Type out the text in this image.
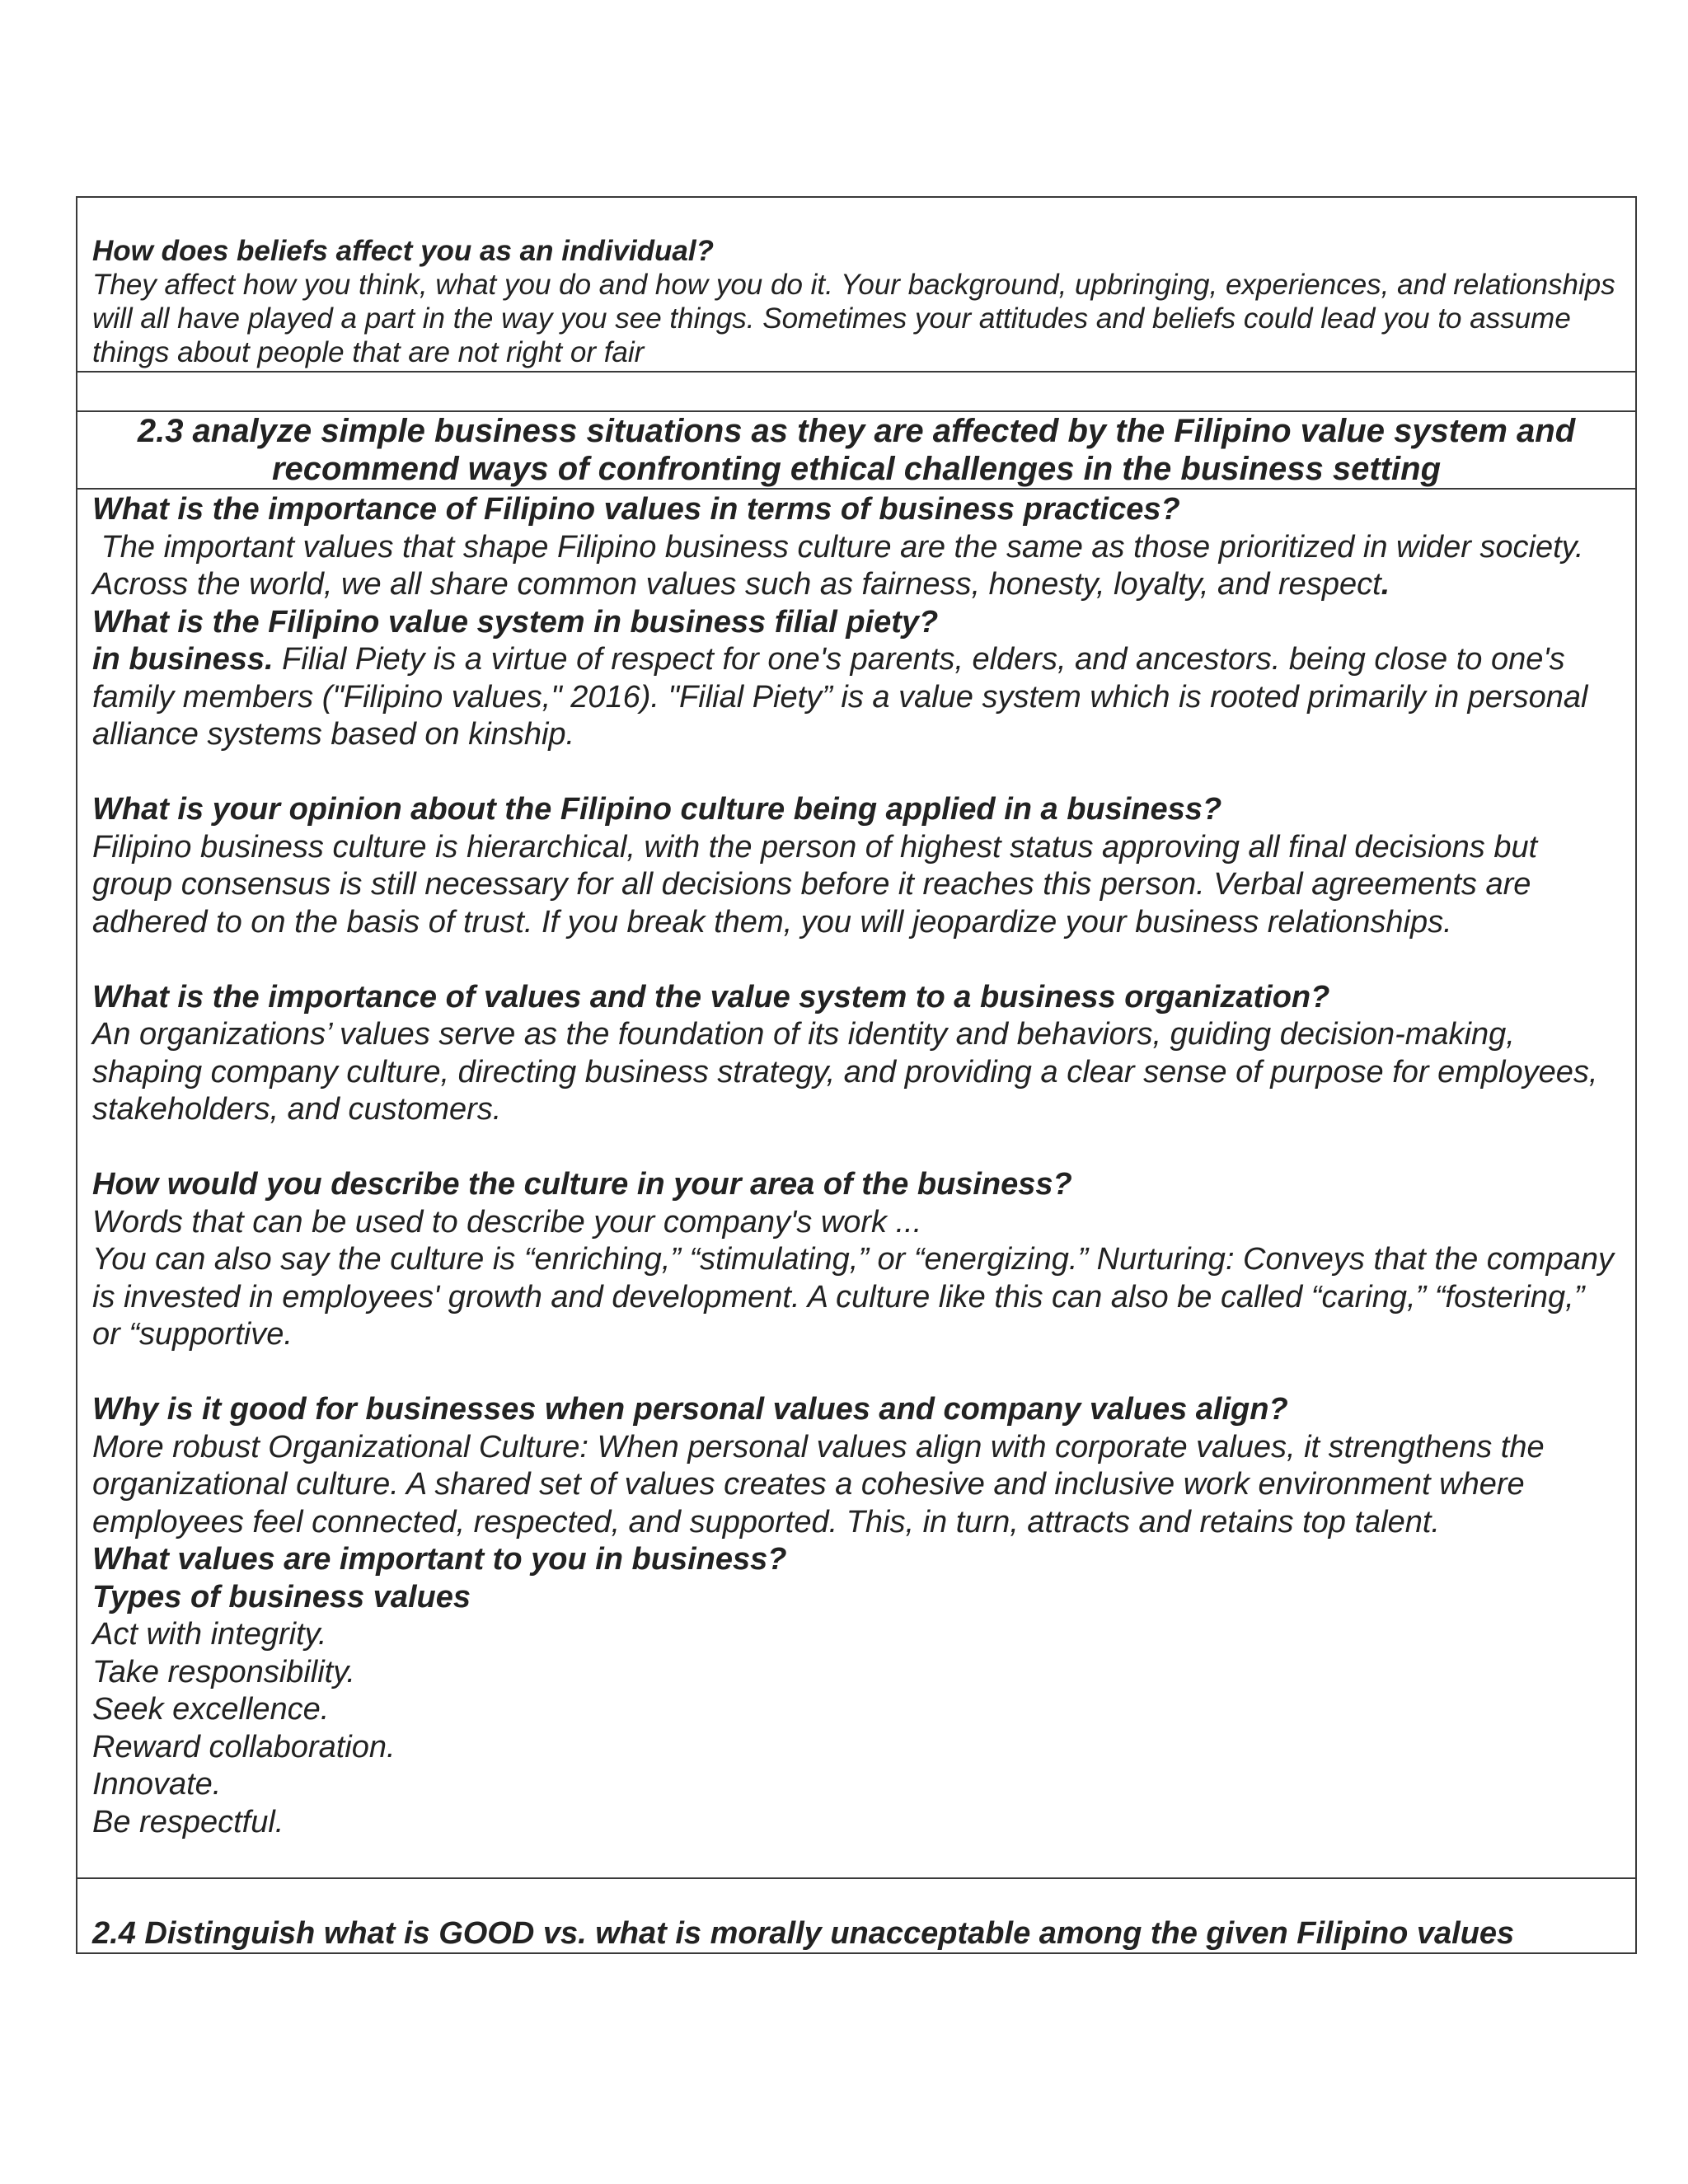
How does beliefs affect you as an individual?
They affect how you think, what you do and how you do it. Your background, upbringing, experiences, and relationships will all have played a part in the way you see things. Sometimes your attitudes and beliefs could lead you to assume things about people that are not right or fair
2.3 analyze simple business situations as they are affected by the Filipino value system and recommend ways of confronting ethical challenges in the business setting
What is the importance of Filipino values in terms of business practices?
The important values that shape Filipino business culture are the same as those prioritized in wider society. Across the world, we all share common values such as fairness, honesty, loyalty, and respect.
What is the Filipino value system in business filial piety?
in business. Filial Piety is a virtue of respect for one's parents, elders, and ancestors. being close to one's family members ("Filipino values," 2016). "Filial Piety” is a value system which is rooted primarily in personal alliance systems based on kinship.
What is your opinion about the Filipino culture being applied in a business?
Filipino business culture is hierarchical, with the person of highest status approving all final decisions but group consensus is still necessary for all decisions before it reaches this person. Verbal agreements are adhered to on the basis of trust. If you break them, you will jeopardize your business relationships.
What is the importance of values and the value system to a business organization?
An organizations’ values serve as the foundation of its identity and behaviors, guiding decision-making, shaping company culture, directing business strategy, and providing a clear sense of purpose for employees, stakeholders, and customers.
How would you describe the culture in your area of the business?
Words that can be used to describe your company's work ...
You can also say the culture is “enriching,” “stimulating,” or “energizing.” Nurturing: Conveys that the company is invested in employees' growth and development. A culture like this can also be called “caring,” “fostering,” or “supportive.
Why is it good for businesses when personal values and company values align?
More robust Organizational Culture: When personal values align with corporate values, it strengthens the organizational culture. A shared set of values creates a cohesive and inclusive work environment where employees feel connected, respected, and supported. This, in turn, attracts and retains top talent.
What values are important to you in business?
Types of business values
Act with integrity.
Take responsibility.
Seek excellence.
Reward collaboration.
Innovate.
Be respectful.
2.4 Distinguish what is GOOD vs. what is morally unacceptable among the given Filipino values
